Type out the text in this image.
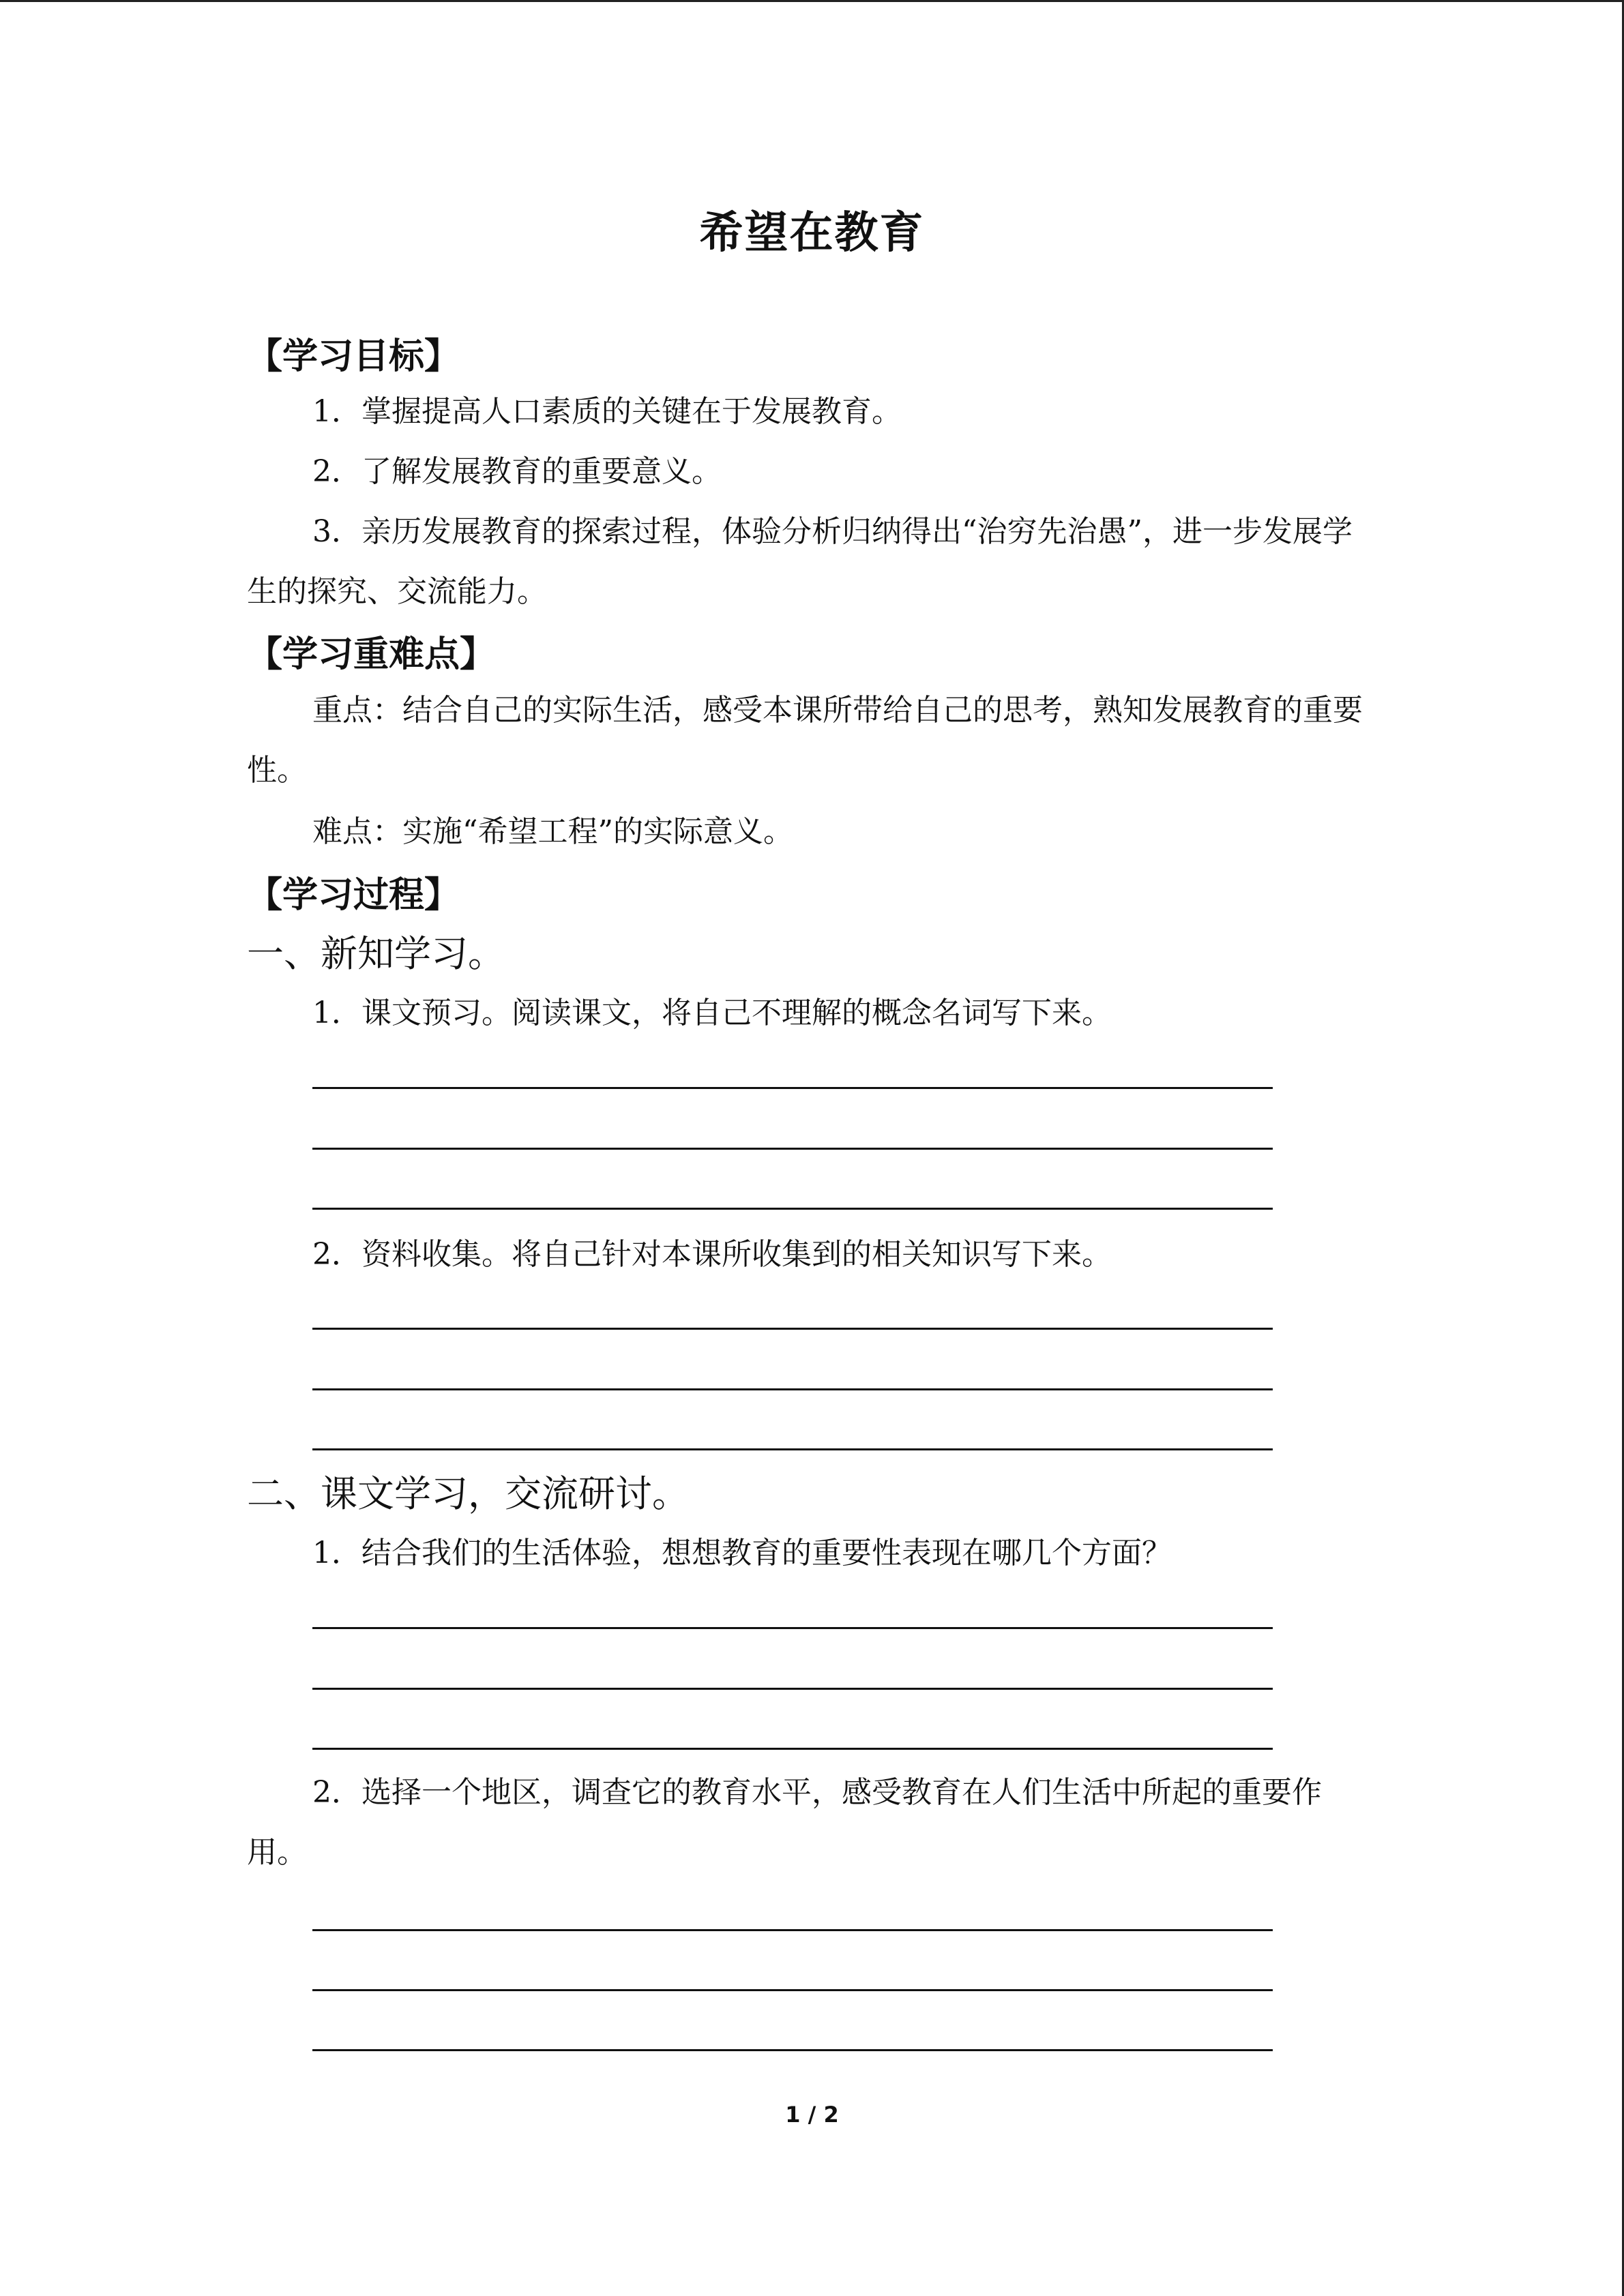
希望在教育
【学习目标】
1．掌握提高人口素质的关键在于发展教育。
2．了解发展教育的重要意义。
3．亲历发展教育的探索过程，体验分析归纳得出“治穷先治愚”，进一步发展学生的探究、交流能力。
【学习重难点】
重点：结合自己的实际生活，感受本课所带给自己的思考，熟知发展教育的重要性。
难点：实施“希望工程”的实际意义。
【学习过程】
一、新知学习。
1．课文预习。阅读课文，将自己不理解的概念名词写下来。
2．资料收集。将自己针对本课所收集到的相关知识写下来。
二、课文学习，交流研讨。
1．结合我们的生活体验，想想教育的重要性表现在哪几个方面？
2．选择一个地区，调查它的教育水平，感受教育在人们生活中所起的重要作用。
1 / 2
